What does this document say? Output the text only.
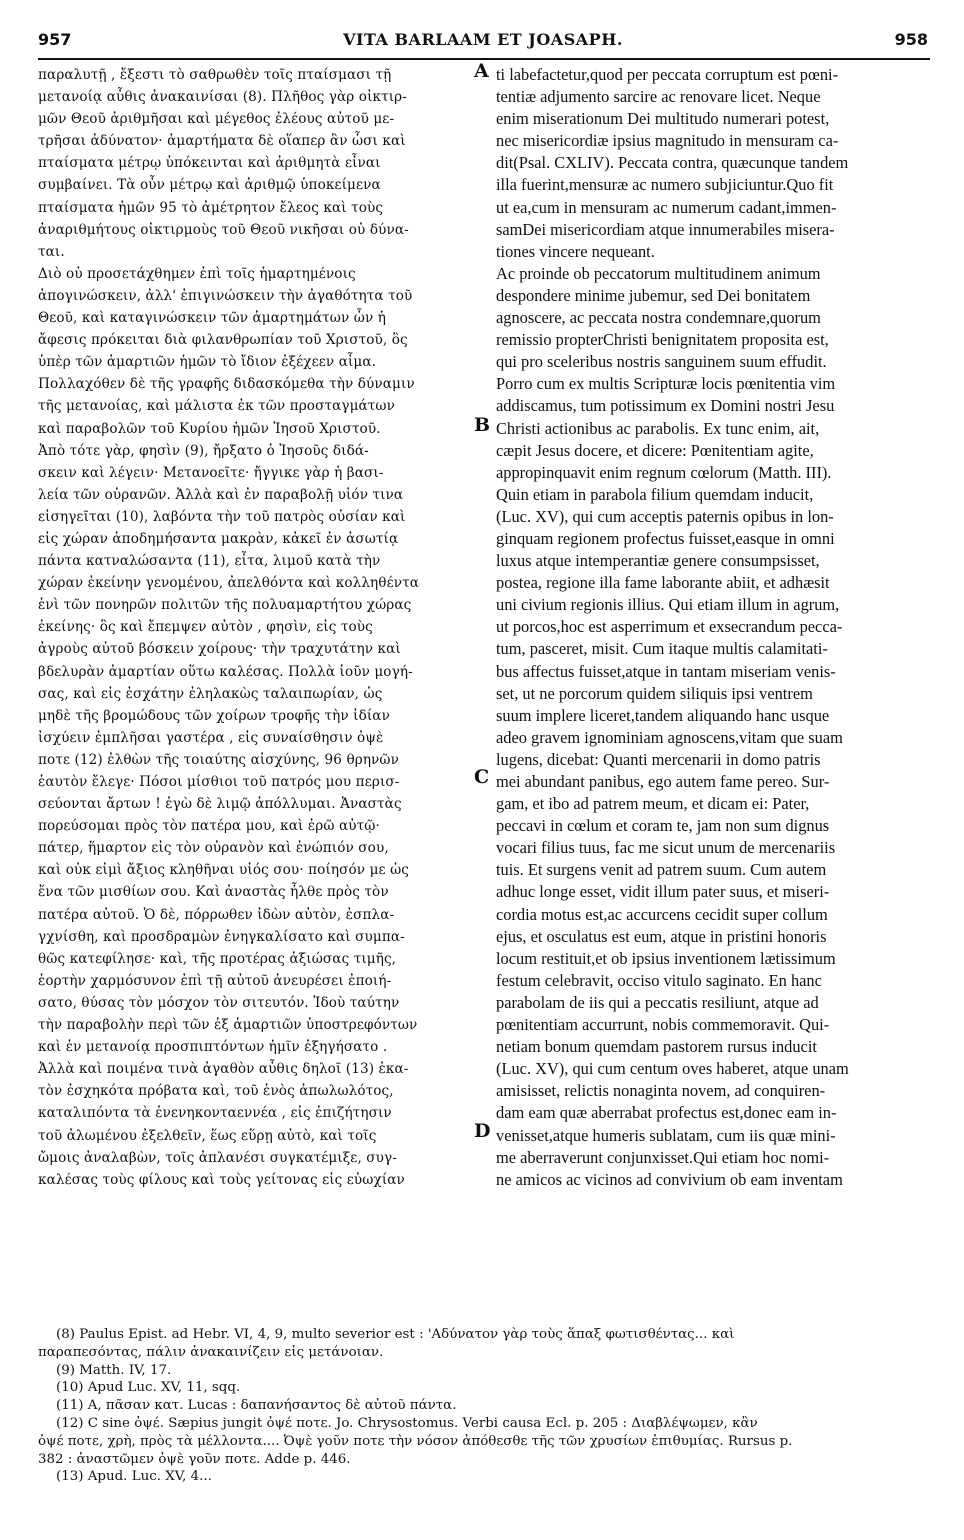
957	VITA BARLAAM ET JOASAPH.	958
παραλυτῇ , ἔξεστι τὸ σαθρωθὲν τοῖς πταίσμασι τῇ
μετανοίᾳ αὖθις ἀνακαινίσαι (8). Πλῆθος γὰρ οἰκτιρ-
μῶν Θεοῦ ἀριθμῆσαι καὶ μέγεθος ἐλέους αὐτοῦ με-
τρῆσαι ἀδύνατον· ἁμαρτήματα δὲ οἵαπερ ἂν ὦσι καὶ
πταίσματα μέτρῳ ὑπόκεινται καὶ ἀριθμητὰ εἶναι
συμβαίνει. Τὰ οὖν μέτρῳ καὶ ἀριθμῷ ὑποκείμενα
πταίσματα ἡμῶν 95 τὸ ἀμέτρητον ἔλεος καὶ τοὺς
ἀναριθμήτους οἰκτιρμοὺς τοῦ Θεοῦ νικῆσαι οὐ δύνα-
ται.
Διὸ οὐ προσετάχθημεν ἐπὶ τοῖς ἡμαρτημένοις
ἀπογινώσκειν, ἀλλ' ἐπιγινώσκειν τὴν ἀγαθότητα τοῦ
Θεοῦ, καὶ καταγινώσκειν τῶν ἁμαρτημάτων ὧν ἡ
ἄφεσις πρόκειται διὰ φιλανθρωπίαν τοῦ Χριστοῦ, ὃς
ὑπὲρ τῶν ἁμαρτιῶν ἡμῶν τὸ ἴδιον ἐξέχεεν αἷμα.
Πολλαχόθεν δὲ τῆς γραφῆς διδασκόμεθα τὴν δύναμιν
τῆς μετανοίας, καὶ μάλιστα ἐκ τῶν προσταγμάτων
καὶ παραβολῶν τοῦ Κυρίου ἡμῶν Ἰησοῦ Χριστοῦ.
Ἀπὸ τότε γὰρ, φησὶν (9), ἤρξατο ὁ Ἰησοῦς διδά-
σκειν καὶ λέγειν· Μετανοεῖτε· ἤγγικε γὰρ ἡ βασι-
λεία τῶν οὐρανῶν. Ἀλλὰ καὶ ἐν παραβολῇ υἱόν τινα
εἰσηγεῖται (10), λαβόντα τὴν τοῦ πατρὸς οὐσίαν καὶ
εἰς χώραν ἀποδημήσαντα μακρὰν, κἀκεῖ ἐν ἀσωτίᾳ
πάντα κατναλώσαντα (11), εἶτα, λιμοῦ κατὰ τὴν
χώραν ἐκείνην γενομένου, ἀπελθόντα καὶ κολληθέντα
ἑνὶ τῶν πονηρῶν πολιτῶν τῆς πολυαμαρτήτου χώρας
ἐκείνης· ὃς καὶ ἔπεμψεν αὐτὸν , φησὶν, εἰς τοὺς
ἀγροὺς αὐτοῦ βόσκειν χοίρους· τὴν τραχυτάτην καὶ
βδελυρὰν ἁμαρτίαν οὕτω καλέσας. Πολλὰ ἰοῦν μογή-
σας, καὶ εἰς ἐσχάτην ἐληλακὼς ταλαιπωρίαν, ὡς
μηδὲ τῆς βρομώδους τῶν χοίρων τροφῆς τὴν ἰδίαν
ἰσχύειν ἐμπλῆσαι γαστέρα , εἰς συναίσθησιν ὀψὲ
ποτε (12) ἐλθὼν τῆς τοιαύτης αἰσχύνης, 96 θρηνῶν
ἑαυτὸν ἔλεγε· Πόσοι μίσθιοι τοῦ πατρός μου περισ-
σεύονται ἄρτων ! ἐγὼ δὲ λιμῷ ἀπόλλυμαι. Ἀναστὰς
πορεύσομαι πρὸς τὸν πατέρα μου, καὶ ἐρῶ αὐτῷ·
πάτερ, ἥμαρτον εἰς τὸν οὐρανὸν καὶ ἐνώπιόν σου,
καὶ οὐκ εἰμὶ ἄξιος κληθῆναι υἱός σου· ποίησόν με ὡς
ἕνα τῶν μισθίων σου. Καὶ ἀναστὰς ἦλθε πρὸς τὸν
πατέρα αὐτοῦ. Ὁ δὲ, πόρρωθεν ἰδὼν αὐτὸν, ἐσπλα-
γχνίσθη, καὶ προσδραμὼν ἐνηγκαλίσατο καὶ συμπα-
θῶς κατεφίλησε· καὶ, τῆς προτέρας ἀξιώσας τιμῆς,
ἑορτὴν χαρμόσυνον ἐπὶ τῇ αὐτοῦ ἀνευρέσει ἐποιή-
σατο, θύσας τὸν μόσχον τὸν σιτευτόν. Ἰδοὺ ταύτην
τὴν παραβολὴν περὶ τῶν ἐξ ἁμαρτιῶν ὑποστρεφόντων
καὶ ἐν μετανοίᾳ προσπιπτόντων ἡμῖν ἐξηγήσατο .
Ἀλλὰ καὶ ποιμένα τινὰ ἀγαθὸν αὖθις δηλοῖ (13) ἑκα-
τὸν ἐσχηκότα πρόβατα καὶ, τοῦ ἑνὸς ἀπωλωλότος,
καταλιπόντα τὰ ἐνενηκονταεννέα , εἰς ἐπιζήτησιν
τοῦ ἀλωμένου ἐξελθεῖν, ἕως εὕρῃ αὐτὸ, καὶ τοῖς
ὤμοις ἀναλαβὼν, τοῖς ἀπλανέσι συγκατέμιξε, συγ-
καλέσας τοὺς φίλους καὶ τοὺς γείτονας εἰς εὐωχίαν
ti labefactetur,quod per peccata corruptum est pœni-
tentiæ adjumento sarcire ac renovare licet. Neque
enim miserationum Dei multitudo numerari potest,
nec misericordiæ ipsius magnitudo in mensuram ca-
dit(Psal. CXLIV). Peccata contra, quæcunque tandem
illa fuerint,mensuræ ac numero subjiciuntur.Quo fit
ut ea,cum in mensuram ac numerum cadant,immen-
samDei misericordiam atque innumerabiles misera-
tiones vincere nequeant.
Ac proinde ob peccatorum multitudinem animum
despondere minime jubemur, sed Dei bonitatem
agnoscere, ac peccata nostra condemnare,quorum
remissio propterChristi benignitatem proposita est,
qui pro sceleribus nostris sanguinem suum effudit.
Porro cum ex multis Scripturæ locis pœnitentia vim
addiscamus, tum potissimum ex Domini nostri Jesu
Christi actionibus ac parabolis. Ex tunc enim, ait,
cæpit Jesus docere, et dicere: Pœnitentiam agite,
appropinquavit enim regnum cœlorum (Matth. III).
Quin etiam in parabola filium quemdam inducit,
(Luc. XV), qui cum acceptis paternis opibus in lon-
ginquam regionem profectus fuisset,easque in omni
luxus atque intemperantiæ genere consumpsisset,
postea, regione illa fame laborante abiit, et adhæsit
uni civium regionis illius. Qui etiam illum in agrum,
ut porcos,hoc est asperrimum et exsecrandum pecca-
tum, pasceret, misit. Cum itaque multis calamitati-
bus affectus fuisset,atque in tantam miseriam venis-
set, ut ne porcorum quidem siliquis ipsi ventrem
suum implere liceret,tandem aliquando hanc usque
adeo gravem ignominiam agnoscens,vitam que suam
lugens, dicebat: Quanti mercenarii in domo patris
mei abundant panibus, ego autem fame pereo. Sur-
gam, et ibo ad patrem meum, et dicam ei: Pater,
peccavi in cœlum et coram te, jam non sum dignus
vocari filius tuus, fac me sicut unum de mercenariis
tuis. Et surgens venit ad patrem suum. Cum autem
adhuc longe esset, vidit illum pater suus, et miseri-
cordia motus est,ac accurcens cecidit super collum
ejus, et osculatus est eum, atque in pristini honoris
locum restituit,et ob ipsius inventionem lætissimum
festum celebravit, occiso vitulo saginato. En hanc
parabolam de iis qui a peccatis resiliunt, atque ad
pœnitentiam accurrunt, nobis commemoravit. Qui-
netiam bonum quemdam pastorem rursus inducit
(Luc. XV), qui cum centum oves haberet, atque unam
amisisset, relictis nonaginta novem, ad conquiren-
dam eam quæ aberrabat profectus est,donec eam in-
venisset,atque humeris sublatam, cum iis quæ mini-
me aberraverunt conjunxisset.Qui etiam hoc nomi-
ne amicos ac vicinos ad convivium ob eam inventam
A
B
C
D
(8) Paulus Epist. ad Hebr. VI, 4, 9, multo severior est : 'Αδύνατον γὰρ τοὺς ἅπαξ φωτισθέντας... καὶ
παραπεσόντας, πάλιν ἀνακαινίζειν εἰς μετάνοιαν.
(9) Matth. IV, 17.
(10) Apud Luc. XV, 11, sqq.
(11) A, πᾶσαν κατ. Lucas : δαπανήσαντος δὲ αὐτοῦ πάντα.
(12) C sine ὀψέ. Sæpius jungit ὀψέ ποτε. Jo. Chrysostomus. Verbi causa Ecl. p. 205 : Διαβλέψωμεν, κἂν
ὀψέ ποτε, χρὴ, πρὸς τὰ μέλλοντα.... Ὀψὲ γοῦν ποτε τὴν νόσον ἀπόθεσθε τῆς τῶν χρυσίων ἐπιθυμίας. Rursus p.
382 : ἀναστῶμεν ὀψὲ γοῦν ποτε. Adde p. 446.
(13) Apud. Luc. XV, 4...
